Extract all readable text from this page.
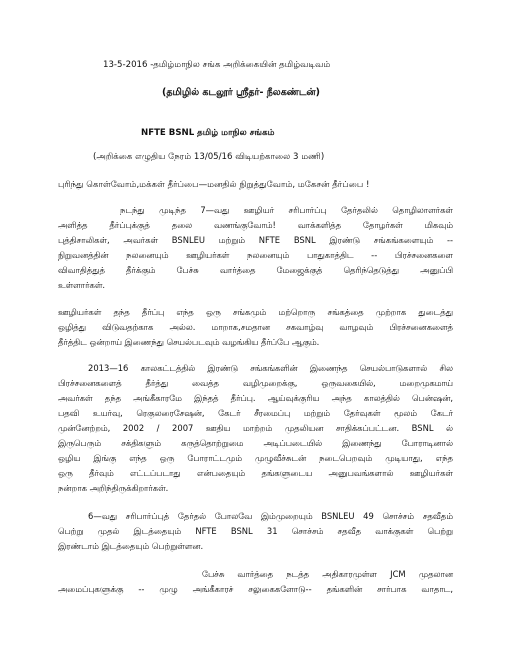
13-5-2016 -தமிழ்மாநில சங்க அறிக்கையின் தமிழ்வடிவம்
(தமிழில் கடலூர் ஸ்ரீதர்- நீலகண்டன்)
NFTE BSNL தமிழ் மாநில சங்கம்
(அறிக்கை எழுதிய நேரம் 13/05/16 விடியற்காலை 3 மணி)
புரிந்து கொள்வோம்,மக்கள் தீர்ப்பை—மனதில் நிறுத்துவோம், மகேசன் தீர்ப்பை !
நடந்து முடிந்த 7—வது ஊழியர் சரிபார்ப்பு தேர்தலில் தொழிலாளர்கள்
அளித்த தீர்ப்புக்குத் தலை வணங்குவோம்! வாக்களித்த தோழர்கள் மிகவும்
புத்திசாலிகள், அவர்கள் BSNLEU மற்றும் NFTE BSNL இரண்டு சங்கங்களையும் --
நிறுவனத்தின் நலனையும் ஊழியர்கள் நலனையும் பாதுகாத்திட -- பிரச்சனைகளை
விவாதித்துத் தீர்க்கும் பேச்சு வார்த்தை மேஜைக்குத் தெரிந்தெடுத்து அனுப்பி
உள்ளார்கள்.
ஊழியர்கள் தந்த தீர்ப்பு எந்த ஒரு சங்கமும் மற்றொரு சங்கத்தை முற்றாக துடைத்து
ஒழித்து விடுவதற்காக அல்ல. மாறாக,சமதான சகவாழ்வு வாழவும் பிரச்சனைகளைத்
தீர்த்திட ஒன்றாய் இணைந்து செயல்படவும் வழங்கிய தீர்ப்பே ஆகும்.
2013—16 காலகட்டத்தில் இரண்டு சங்கங்களின் இணைந்த செயல்பாடுகளால் சில
பிரச்சனைகளைத் தீர்த்து வைத்த வழிமுறைக்கு, ஒருவகையில், மறைமுகமாய்
அவர்கள் தந்த அங்கீகாரமே இந்தத் தீர்ப்பு. ஆய்வுக்குரிய அந்த காலத்தில் பென்ஷன்,
பதவி உயர்வு, ரெகுலரைசேஷன், கேடர் சீரமைப்பு மற்றும் தேர்வுகள் மூலம் கேடர்
முன்னேற்றம், 2002 / 2007 ஊதிய மாற்றம் முதலியன சாதிக்கப்பட்டன. BSNL ல்
இருபெரும் சக்திகளும் கருத்தொற்றுமை அடிப்படையில் இணைந்து போராடினால்
ஒழிய இங்கு எந்த ஒரு போராட்டமும் முழுவீச்சுடன் நடைபெறவும் முடியாது, எந்த
ஒரு தீர்வும் எட்டப்படாது என்பதையும் தங்களுடைய அனுபவங்களால் ஊழியர்கள்
நன்றாக அறிந்திருக்கிறார்கள்.
6—வது சரிபார்ப்புத் தேர்தல் போலவே இம்முறையும் BSNLEU 49 சொச்சம் சதவீதம்
பெற்று முதல் இடத்தையும் NFTE BSNL 31 சொச்சம் சதவீத வாக்குகள் பெற்று
இரண்டாம் இடத்தையும் பெற்றுள்ளன.
பேச்சு வார்த்தை நடத்த அதிகாரமுள்ள JCM முதலான
அமைப்புகளுக்கு -- முழு அங்கீகாரச் சலுகைகளோடு-- தங்களின் சார்பாக வாதாட,
